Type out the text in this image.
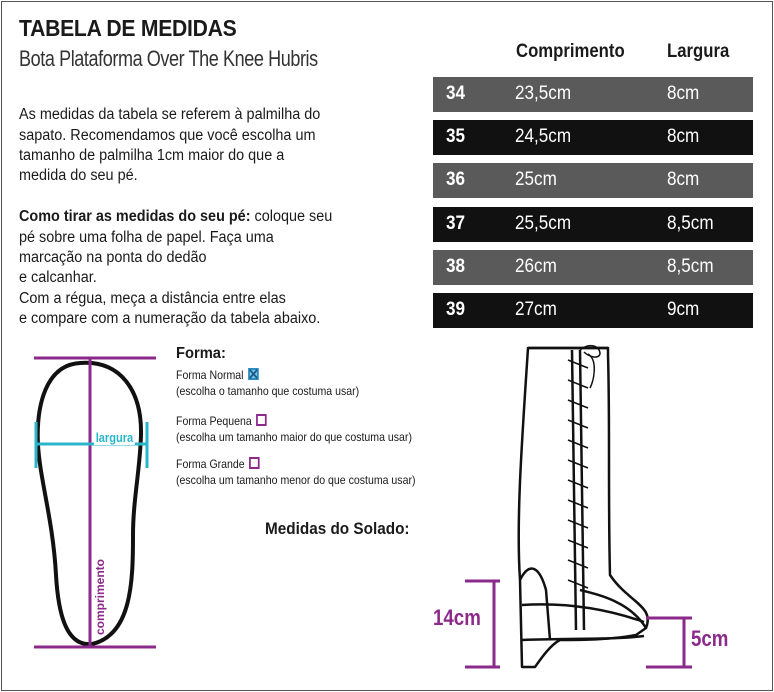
TABELA DE MEDIDAS
Bota Plataforma Over The Knee Hubris
As medidas da tabela se referem à palmilha do
sapato. Recomendamos que você escolha um
tamanho de palmilha 1cm maior do que a
medida do seu pé.
Como tirar as medidas do seu pé: coloque seu
pé sobre uma folha de papel. Faça uma
marcação na ponta do dedão
e calcanhar.
Com a régua, meça a distância entre elas
e compare com a numeração da tabela abaixo.
Comprimento Largura
34	23,5cm	8cm
35	24,5cm	8cm
36	25cm	8cm
37	25,5cm	8,5cm
38	26cm	8,5cm
39	27cm	9cm
largura
comprimento
Forma:
Forma Normal
(escolha o tamanho que costuma usar)
Forma Pequena
(escolha um tamanho maior do que costuma usar)
Forma Grande
(escolha um tamanho menor do que costuma usar)
Medidas do Solado:
14cm
5cm
